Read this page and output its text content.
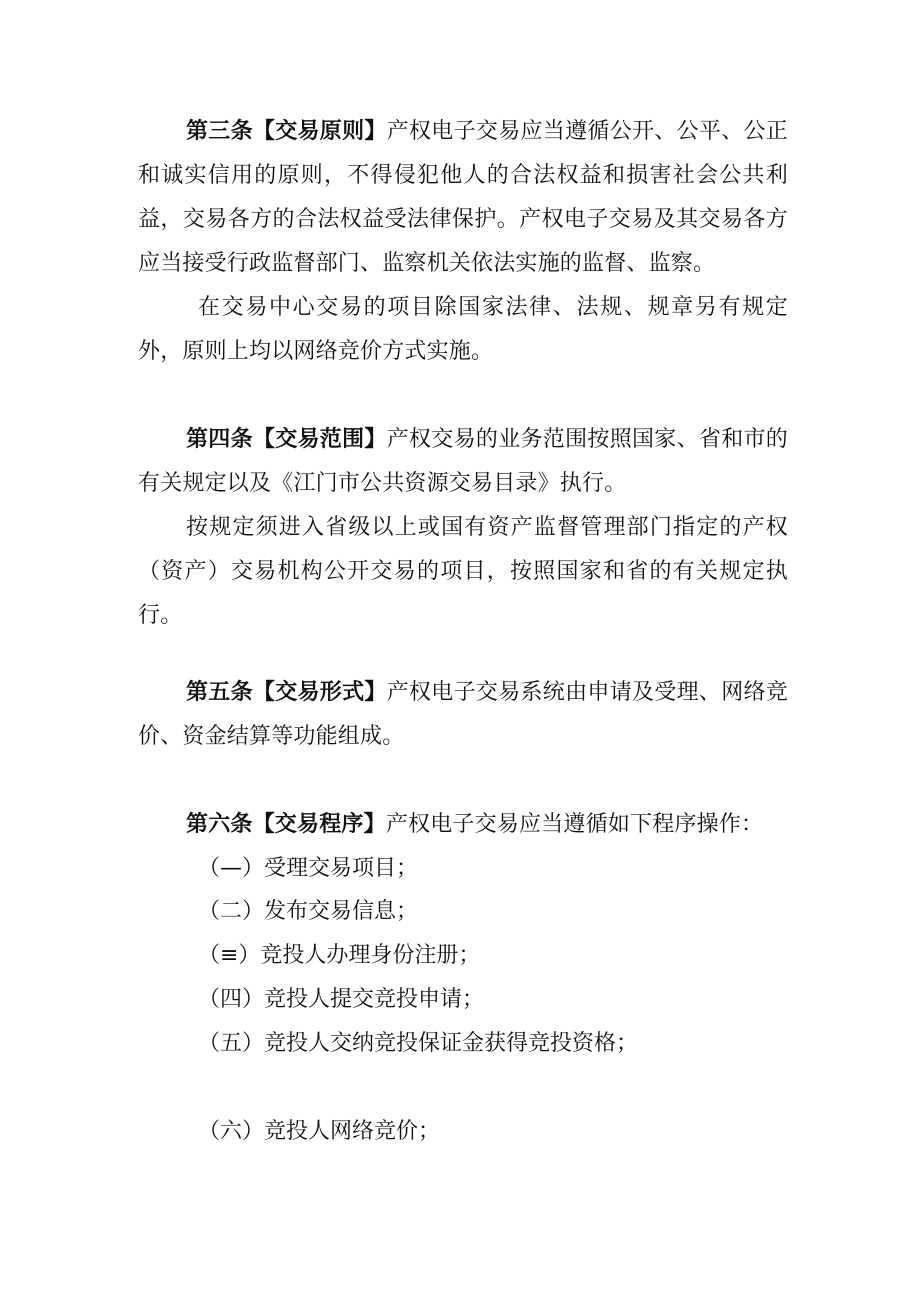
第三条【交易原则】产权电子交易应当遵循公开、公平、公正和诚实信用的原则，不得侵犯他人的合法权益和损害社会公共利益，交易各方的合法权益受法律保护。产权电子交易及其交易各方应当接受行政监督部门、监察机关依法实施的监督、监察。

在交易中心交易的项目除国家法律、法规、规章另有规定外，原则上均以网络竞价方式实施。

第四条【交易范围】产权交易的业务范围按照国家、省和市的有关规定以及《江门市公共资源交易目录》执行。

按规定须进入省级以上或国有资产监督管理部门指定的产权（资产）交易机构公开交易的项目，按照国家和省的有关规定执行。

第五条【交易形式】产权电子交易系统由申请及受理、网络竞价、资金结算等功能组成。

第六条【交易程序】产权电子交易应当遵循如下程序操作：

（—）受理交易项目；

（二）发布交易信息；

（≡）竞投人办理身份注册；

（四）竞投人提交竞投申请；

（五）竞投人交纳竞投保证金获得竞投资格；

（六）竞投人网络竞价；
